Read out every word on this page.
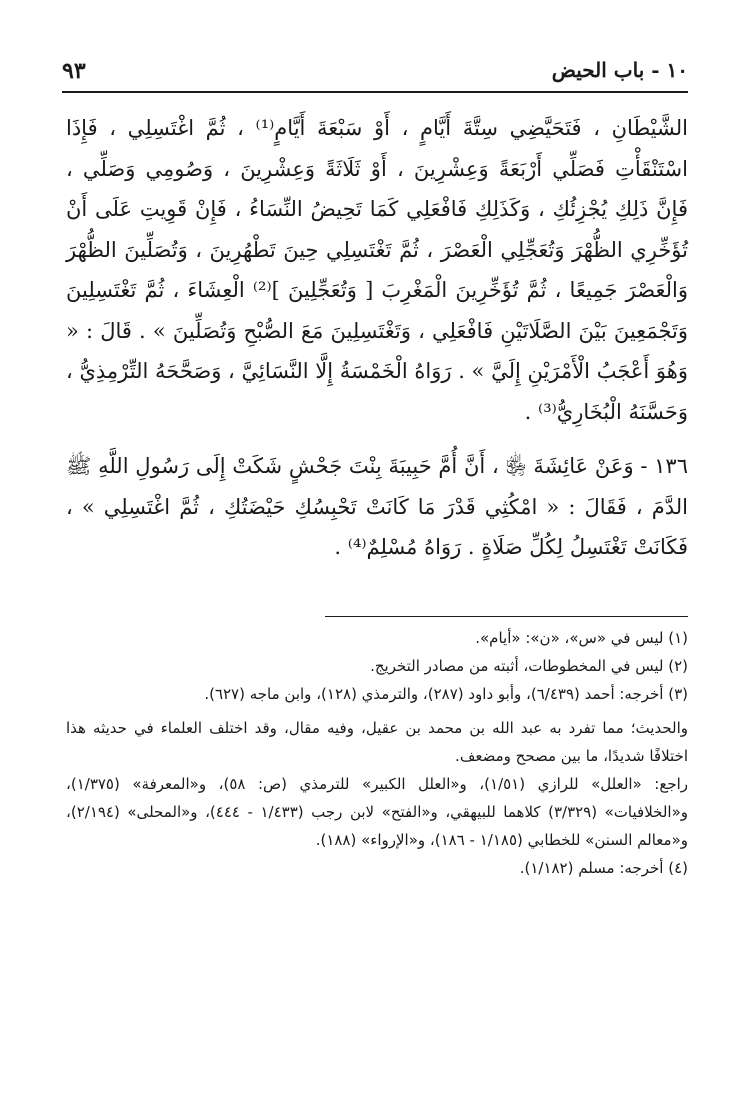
١٠ - باب الحيض
٩٣

الشَّيْطَانِ ، فَتَحَيَّضِي سِتَّةَ أَيَّامٍ ، أَوْ سَبْعَةَ أَيَّامٍ⁽¹⁾ ، ثُمَّ اغْتَسِلِي ، فَإِذَا اسْتَنْقَأْتِ فَصَلِّي أَرْبَعَةً وَعِشْرِينَ ، أَوْ ثَلَاثَةً وَعِشْرِينَ ، وَصُومِي وَصَلِّي ، فَإِنَّ ذَلِكِ يُجْزِئُكِ ، وَكَذَلِكِ فَافْعَلِي كَمَا تَحِيضُ النِّسَاءُ ، فَإِنْ قَوِيتِ عَلَى أَنْ تُؤَخِّرِي الظُّهْرَ وَتُعَجِّلِي الْعَصْرَ ، ثُمَّ تَغْتَسِلِي حِينَ تَطْهُرِينَ ، وَتُصَلِّينَ الظُّهْرَ وَالْعَصْرَ جَمِيعًا ، ثُمَّ تُؤَخِّرِينَ الْمَغْرِبَ [ وَتُعَجِّلِينَ ]⁽²⁾ الْعِشَاءَ ، ثُمَّ تَغْتَسِلِينَ وَتَجْمَعِينَ بَيْنَ الصَّلَاتَيْنِ فَافْعَلِي ، وَتَغْتَسِلِينَ مَعَ الصُّبْحِ وَتُصَلِّينَ » . قَالَ : « وَهُوَ أَعْجَبُ الْأَمْرَيْنِ إِلَيَّ » . رَوَاهُ الْخَمْسَةُ إِلَّا النَّسَائِيَّ ، وَصَحَّحَهُ التِّرْمِذِيُّ ، وَحَسَّنَهُ الْبُخَارِيُّ⁽³⁾ .

١٣٦ - وَعَنْ عَائِشَةَ ﵂ ، أَنَّ أُمَّ حَبِيبَةَ بِنْتَ جَحْشٍ شَكَتْ إِلَى رَسُولِ اللَّهِ ﷺ الدَّمَ ، فَقَالَ : « امْكُثِي قَدْرَ مَا كَانَتْ تَحْبِسُكِ حَيْضَتُكِ ، ثُمَّ اغْتَسِلِي » ، فَكَانَتْ تَغْتَسِلُ لِكُلِّ صَلَاةٍ . رَوَاهُ مُسْلِمٌ⁽⁴⁾ .

(١) ليس في «س»، «ن»: «أيام».

(٢) ليس في المخطوطات، أثبته من مصادر التخريج.

(٣) أخرجه: أحمد (٦/٤٣٩)، وأبو داود (٢٨٧)، والترمذي (١٢٨)، وابن ماجه (٦٢٧).

والحديث؛ مما تفرد به عبد الله بن محمد بن عقيل، وفيه مقال، وقد اختلف العلماء في حديثه هذا اختلافًا شديدًا، ما بين مصحح ومضعف.

راجع: «العلل» للرازي (١/٥١)، و«العلل الكبير» للترمذي (ص: ٥٨)، و«المعرفة» (١/٣٧٥)، و«الخلافيات» (٣/٣٢٩) كلاهما للبيهقي، و«الفتح» لابن رجب (١/٤٣٣ - ٤٤٤)، و«المحلى» (٢/١٩٤)، و«معالم السنن» للخطابي (١/١٨٥ - ١٨٦)، و«الإرواء» (١٨٨).

(٤) أخرجه: مسلم (١/١٨٢).
